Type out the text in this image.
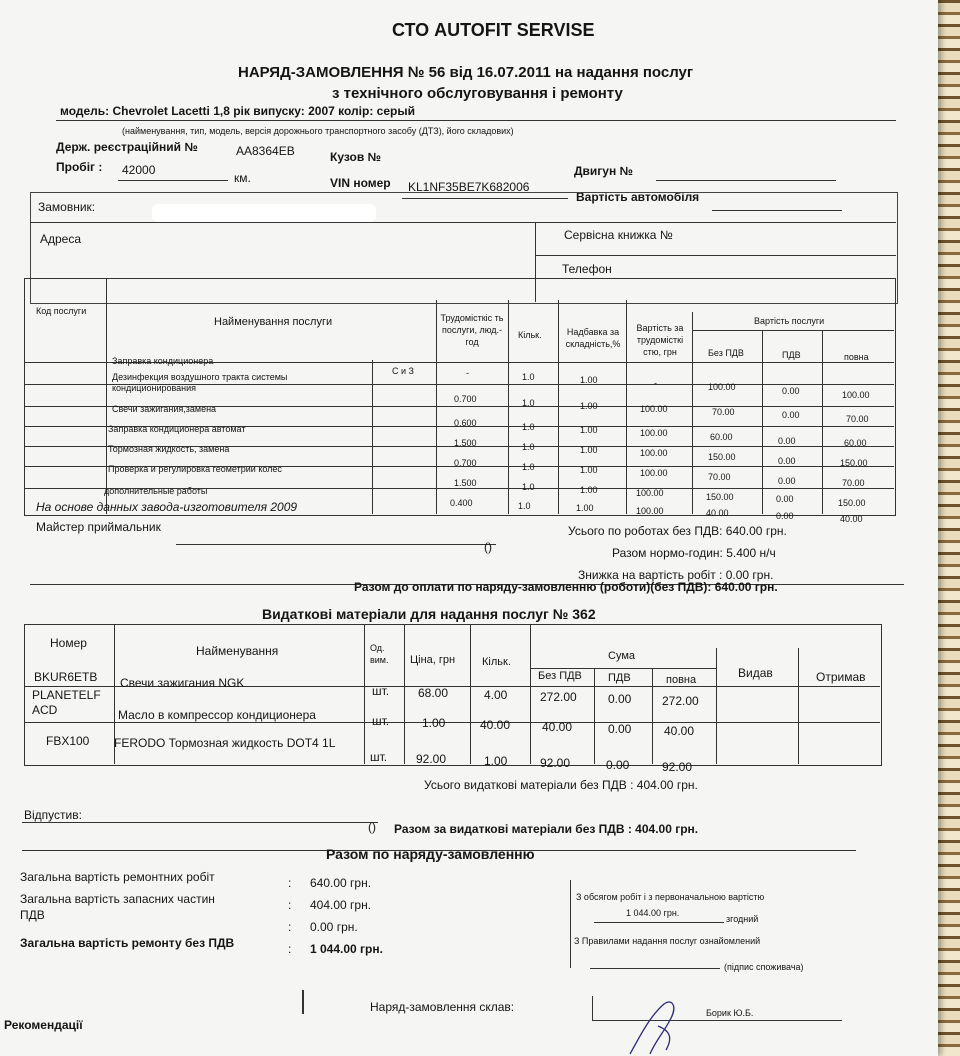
СТО AUTOFIT SERVISE
НАРЯД-ЗАМОВЛЕННЯ № 56 від 16.07.2011 на надання послуг
з технічного обслуговування і ремонту
модель: Chevrolet Lacetti 1,8 рік випуску: 2007 колір: серый
(найменування, тип, модель, версія дорожнього транспортного засобу (ДТЗ), його складових)
Держ. реєстраційний №	АА8364ЕВ	Кузов №
Двигун №
Пробіг : 42000
км.	VIN номер KL1NF35BE7K682006
Вартість автомобіля
Замовник:
Адреса	Сервісна книжка №
Телефон
Код послуги
Найменування послуги	Трудомісткіс ть послуги, люд.-год
Кільк.	Надбавка за складність,%
Вартість за трудомісткі стю, грн
Вартість послуги
Без ПДВ	ПДВ	повна
Заправка кондиционера
С и З	-	1.0	1.00	-	100.00	0.00	100.00
Дезинфекция воздушного тракта системы кондиционирования
0.700	1.0	1.00	100.00	70.00	0.00	70.00
Свечи зажигания,замена
0.600	1.0	1.00	100.00	60.00	0.00	60.00
Заправка кондиционера автомат
1.500	1.0	1.00	100.00	150.00	0.00	150.00
Тормозная жидкость, замена
0.700	1.0	1.00	100.00	70.00	0.00	70.00
Проверка и регулировка геометрии колес
1.500	1.0	1.00	100.00	150.00	0.00	150.00
дополнительные работы
0.400	1.0	1.00	100.00	40.00	0.00	40.00
На основе данных завода-изготовителя 2009
Майстер приймальник
()
Усього по роботах без ПДВ: 640.00 грн.
Разом нормо-годин: 5.400 н/ч
Знижка на вартість робіт : 0.00 грн.
Разом до оплати по наряду-замовленню (роботи)(без ПДВ): 640.00 грн.
Видаткові матеріали для надання послуг № 362
Номер
Найменування	Од. вим.	Ціна, грн Кільк.	Сума
Без ПДВ ПДВ	повна	Видав	Отримав
BKUR6ETB Свечи зажигания NGK
шт. 68.00	4.00	272.00	0.00	272.00
PLANETELF ACD	Масло в компрессор кондиционера	шт.	1.00	40.00	40.00	0.00	40.00
FBX100 FERODO Тормозная жидкость DOT4 1L
шт. 92.00	1.00	92.00	0.00	92.00
Усього видаткові матеріали без ПДВ : 404.00 грн.
Відпустив:
() Разом за видаткові матеріали без ПДВ : 404.00 грн.
Разом по наряду-замовленню
Загальна вартість ремонтних робіт	: 640.00 грн.
Загальна вартість запасних частин	: 404.00 грн.
ПДВ
: 0.00 грн.
Загальна вартість ремонту без ПДВ	: 1 044.00 грн.
З обсягом робіт і з первоначальною вартістю
1 044.00 грн.
згодний
З Правилами надання послуг ознайомлений
(підпис споживача)
Наряд-замовлення склав:	Борик Ю.Б.
Рекомендації
